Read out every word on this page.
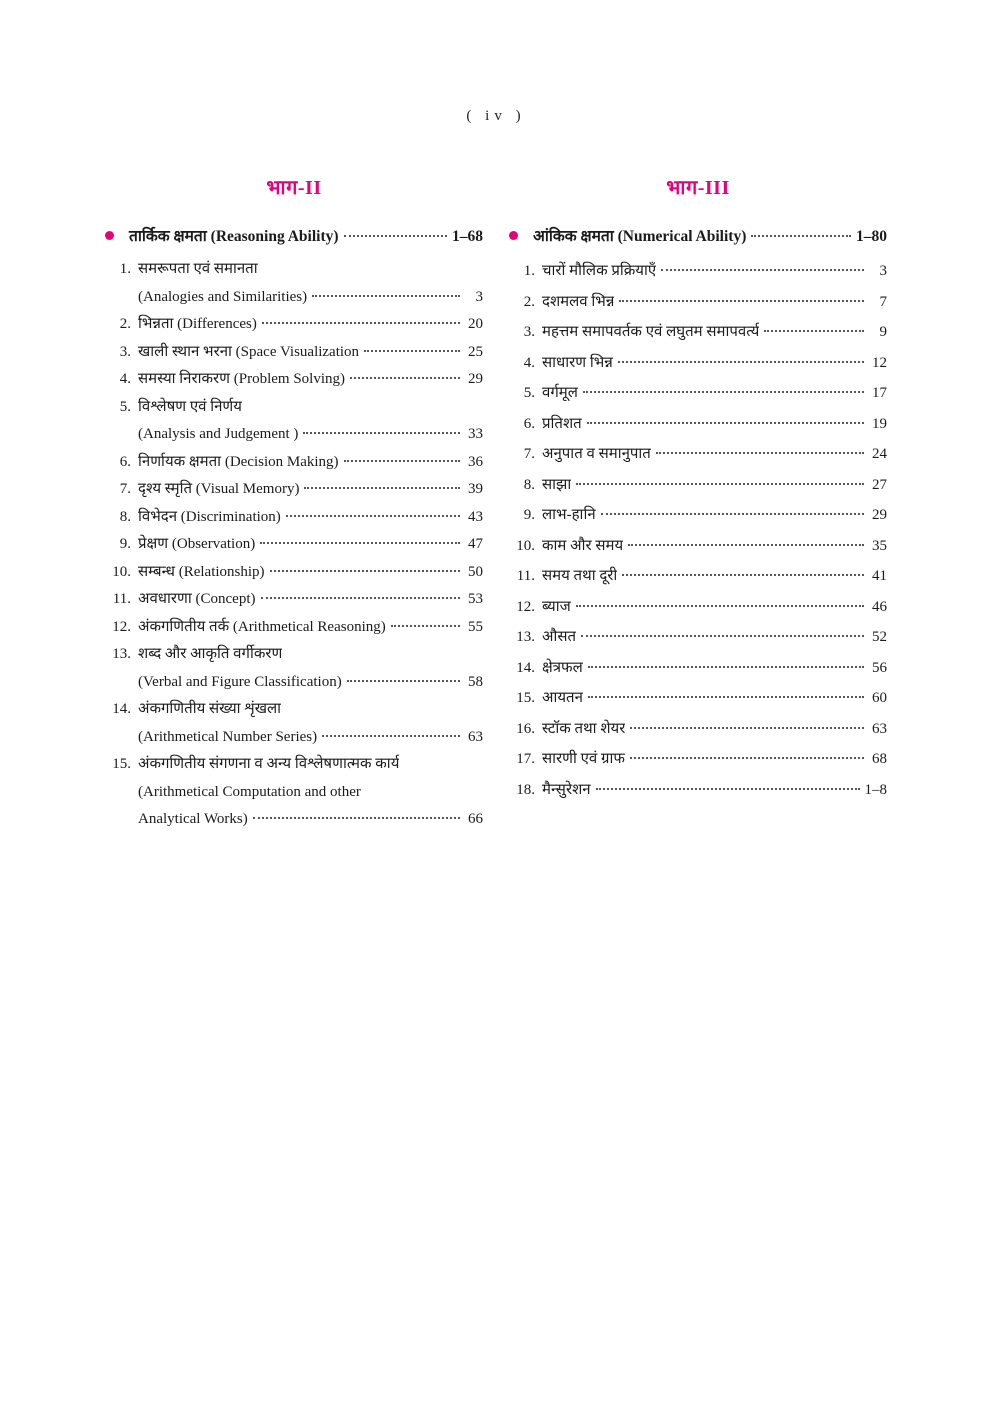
( iv )
भाग-II
तार्किक क्षमता (Reasoning Ability)	1–68
1. समरूपता एवं समानता
(Analogies and Similarities)	3
2. भिन्नता (Differences)	20
3. खाली स्थान भरना (Space Visualization	25
4. समस्या निराकरण (Problem Solving)	29
5. विश्लेषण एवं निर्णय
(Analysis and Judgement )	33
6. निर्णायक क्षमता (Decision Making)	36
7. दृश्य स्मृति (Visual Memory)	39
8. विभेदन (Discrimination)	43
9. प्रेक्षण (Observation)	47
10. सम्बन्ध (Relationship)	50
11. अवधारणा (Concept)	53
12. अंकगणितीय तर्क (Arithmetical Reasoning)	55
13. शब्द और आकृति वर्गीकरण
(Verbal and Figure Classification)	58
14. अंकगणितीय संख्या शृंखला
(Arithmetical Number Series)	63
15. अंकगणितीय संगणना व अन्य विश्लेषणात्मक कार्य
(Arithmetical Computation and other
Analytical Works)	66
भाग-III
आंकिक क्षमता (Numerical Ability)	1–80
1. चारों मौलिक प्रक्रियाएँ	3
2. दशमलव भिन्न	7
3. महत्तम समापवर्तक एवं लघुतम समापवर्त्य	9
4. साधारण भिन्न	12
5. वर्गमूल	17
6. प्रतिशत	19
7. अनुपात व समानुपात	24
8. साझा	27
9. लाभ-हानि	29
10. काम और समय	35
11. समय तथा दूरी	41
12. ब्याज	46
13. औसत	52
14. क्षेत्रफल	56
15. आयतन	60
16. स्टॉक तथा शेयर	63
17. सारणी एवं ग्राफ	68
18. मैन्सुरेशन	1–8
